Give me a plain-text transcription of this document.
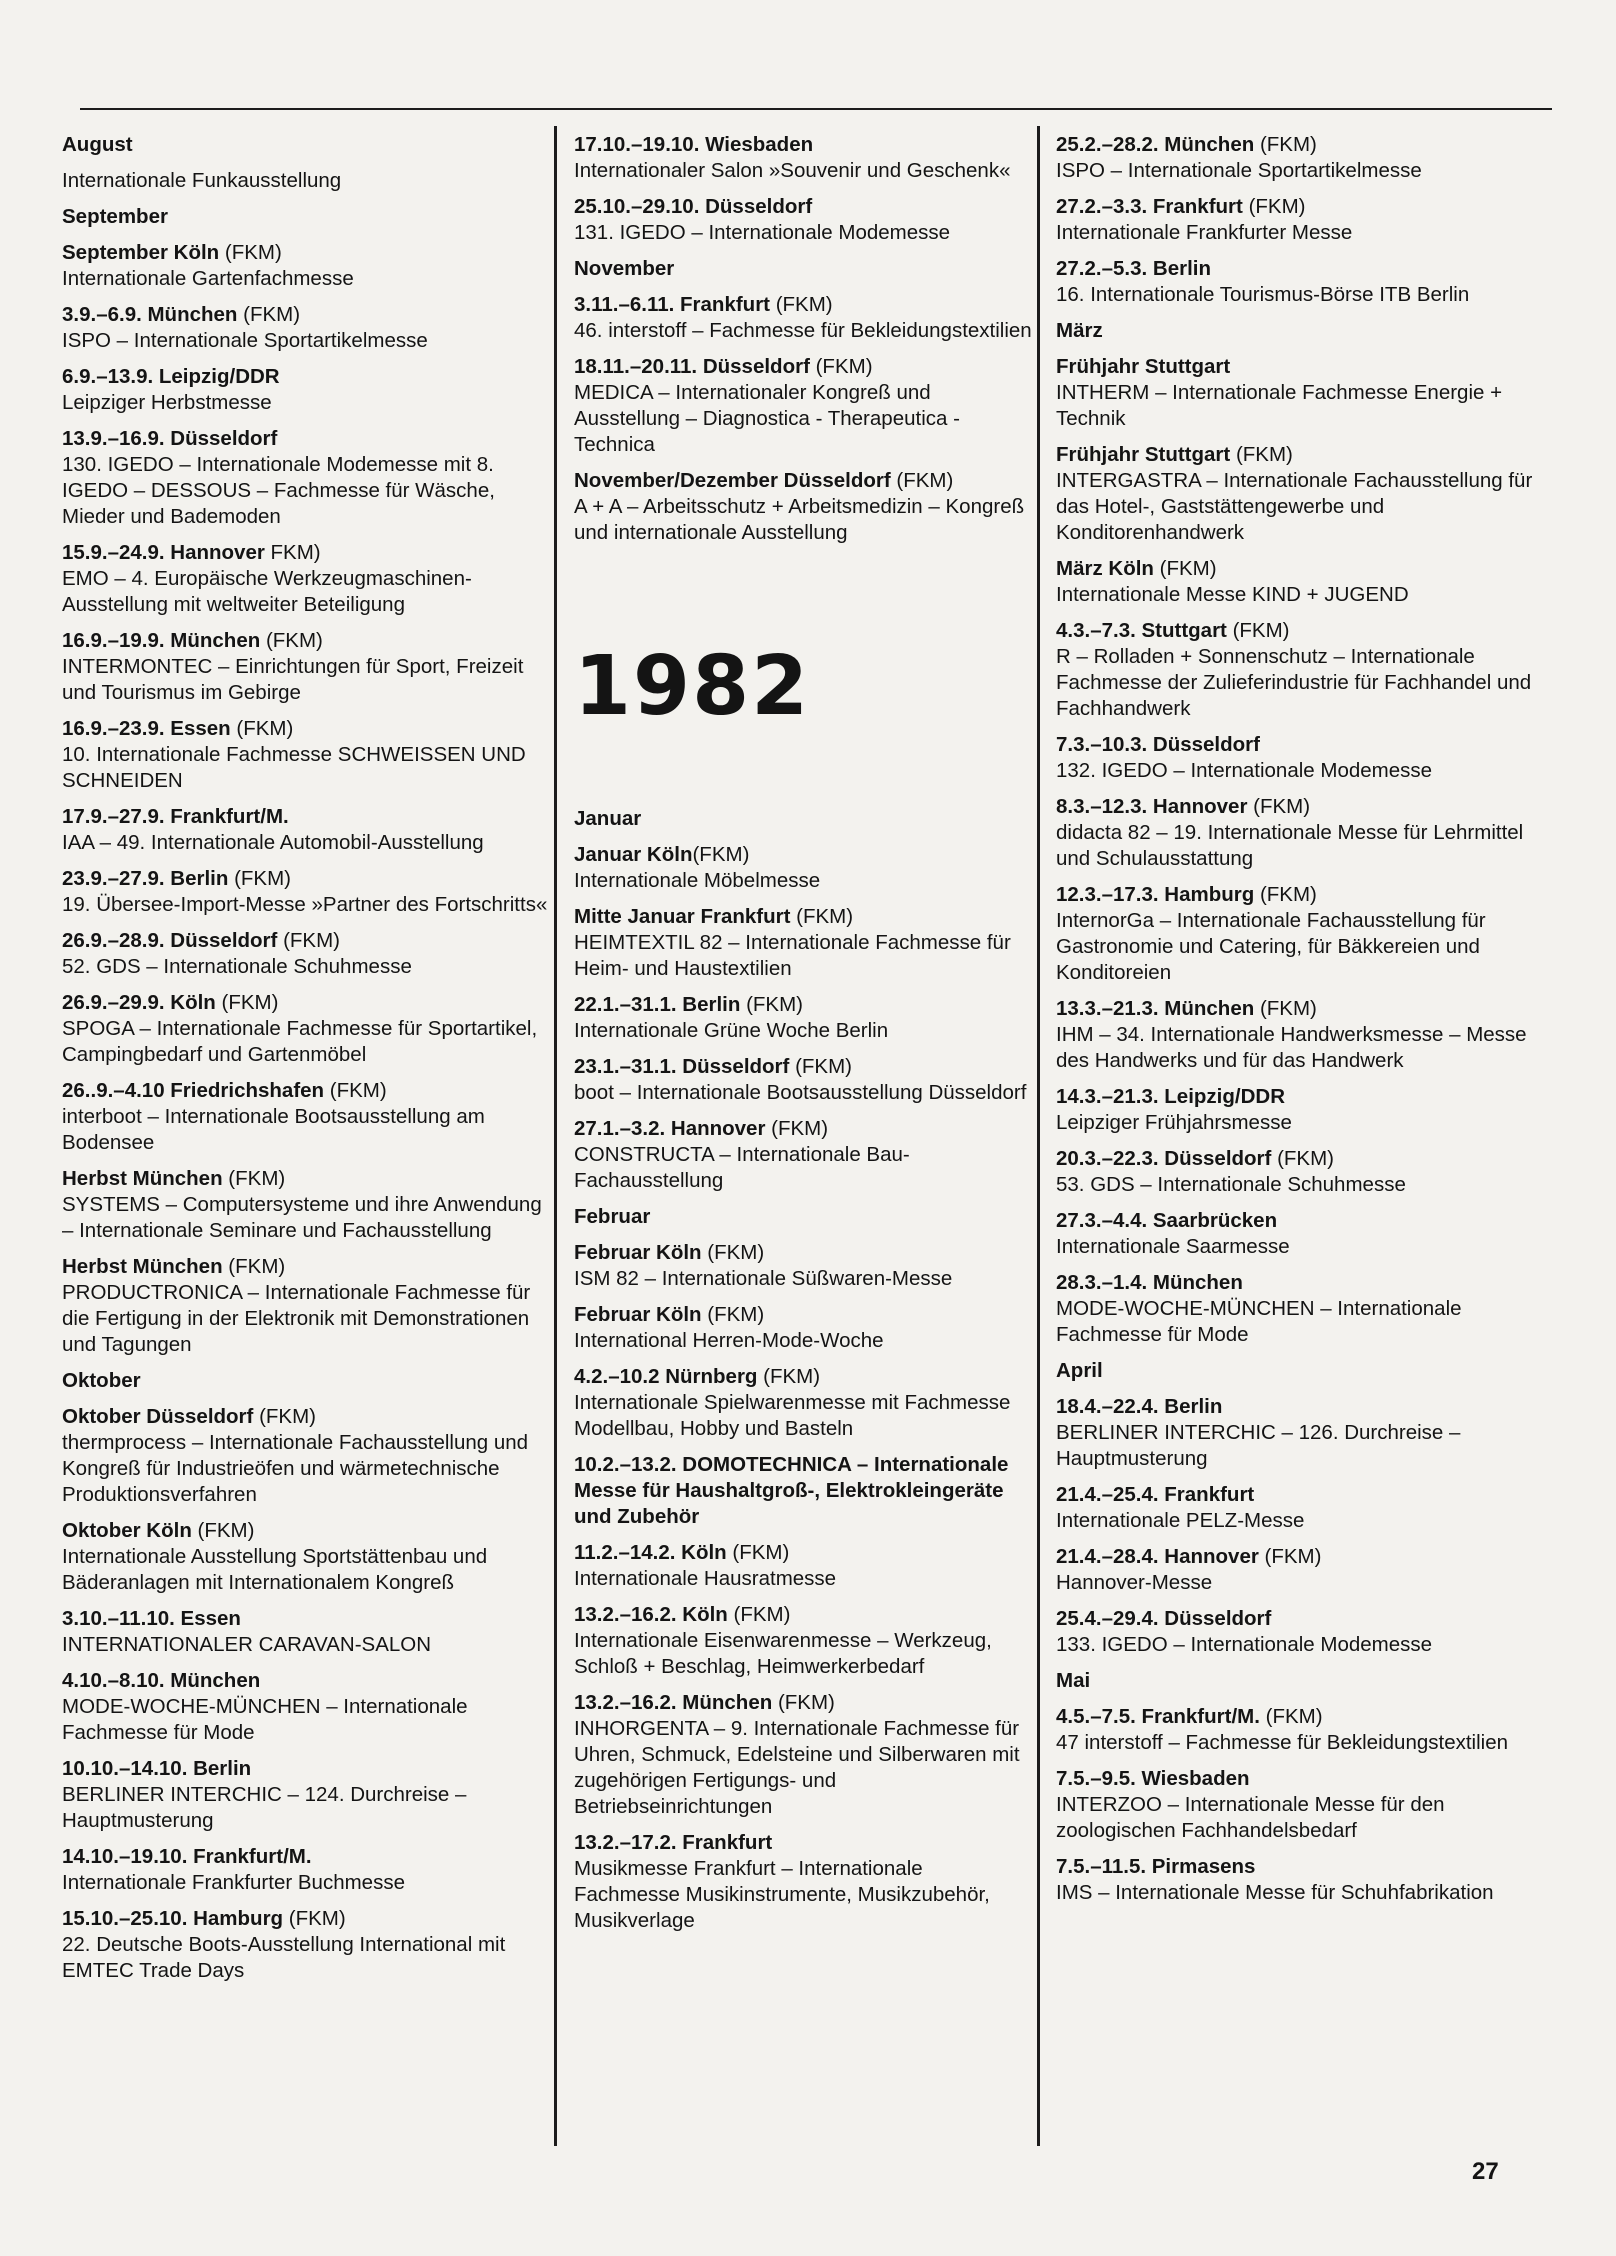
August
Internationale Funkausstellung
September
September Köln (FKM)
Internationale Gartenfachmesse
3.9.–6.9. München (FKM)
ISPO – Internationale Sportartikelmesse
6.9.–13.9. Leipzig/DDR
Leipziger Herbstmesse
13.9.–16.9. Düsseldorf
130. IGEDO – Internationale Modemesse mit 8. IGEDO – DESSOUS – Fachmesse für Wäsche, Mieder und Bademoden
15.9.–24.9. Hannover FKM)
EMO – 4. Europäische Werkzeugmaschinen-Ausstellung mit weltweiter Beteiligung
16.9.–19.9. München (FKM)
INTERMONTEC – Einrichtungen für Sport, Freizeit und Tourismus im Gebirge
16.9.–23.9. Essen (FKM)
10. Internationale Fachmesse SCHWEISSEN UND SCHNEIDEN
17.9.–27.9. Frankfurt/M.
IAA – 49. Internationale Automobil-Ausstellung
23.9.–27.9. Berlin (FKM)
19. Übersee-Import-Messe »Partner des Fortschritts«
26.9.–28.9. Düsseldorf (FKM)
52. GDS – Internationale Schuhmesse
26.9.–29.9. Köln (FKM)
SPOGA – Internationale Fachmesse für Sportartikel, Campingbedarf und Gartenmöbel
26..9.–4.10 Friedrichshafen (FKM)
interboot – Internationale Bootsausstellung am Bodensee
Herbst München (FKM)
SYSTEMS – Computersysteme und ihre Anwendung – Internationale Seminare und Fachausstellung
Herbst München (FKM)
PRODUCTRONICA – Internationale Fachmesse für die Fertigung in der Elektronik mit Demonstrationen und Tagungen
Oktober
Oktober Düsseldorf (FKM)
thermprocess – Internationale Fachausstellung und Kongreß für Industrieöfen und wärmetechnische Produktionsverfahren
Oktober Köln (FKM)
Internationale Ausstellung Sportstättenbau und Bäderanlagen mit Internationalem Kongreß
3.10.–11.10. Essen
INTERNATIONALER CARAVAN-SALON
4.10.–8.10. München
MODE-WOCHE-MÜNCHEN – Internationale Fachmesse für Mode
10.10.–14.10. Berlin
BERLINER INTERCHIC – 124. Durchreise – Hauptmusterung
14.10.–19.10. Frankfurt/M.
Internationale Frankfurter Buchmesse
15.10.–25.10. Hamburg (FKM)
22. Deutsche Boots-Ausstellung International mit EMTEC Trade Days
17.10.–19.10. Wiesbaden
Internationaler Salon »Souvenir und Geschenk«
25.10.–29.10. Düsseldorf
131. IGEDO – Internationale Modemesse
November
3.11.–6.11. Frankfurt (FKM)
46. interstoff – Fachmesse für Bekleidungstextilien
18.11.–20.11. Düsseldorf (FKM)
MEDICA – Internationaler Kongreß und Ausstellung – Diagnostica - Therapeutica - Technica
November/Dezember Düsseldorf (FKM)
A + A – Arbeitsschutz + Arbeitsmedizin – Kongreß und internationale Ausstellung
1982
Januar
Januar Köln(FKM)
Internationale Möbelmesse
Mitte Januar Frankfurt (FKM)
HEIMTEXTIL 82 – Internationale Fachmesse für Heim- und Haustextilien
22.1.–31.1. Berlin (FKM)
Internationale Grüne Woche Berlin
23.1.–31.1. Düsseldorf (FKM)
boot – Internationale Bootsausstellung Düsseldorf
27.1.–3.2. Hannover (FKM)
CONSTRUCTA – Internationale Bau-Fachausstellung
Februar
Februar Köln (FKM)
ISM 82 – Internationale Süßwaren-Messe
Februar Köln (FKM)
International Herren-Mode-Woche
4.2.–10.2 Nürnberg (FKM)
Internationale Spielwarenmesse mit Fachmesse Modellbau, Hobby und Basteln
10.2.–13.2. DOMOTECHNICA – Internationale Messe für Haushaltgroß-, Elektrokleingeräte und Zubehör
11.2.–14.2. Köln (FKM)
Internationale Hausratmesse
13.2.–16.2. Köln (FKM)
Internationale Eisenwarenmesse – Werkzeug, Schloß + Beschlag, Heimwerkerbedarf
13.2.–16.2. München (FKM)
INHORGENTA – 9. Internationale Fachmesse für Uhren, Schmuck, Edelsteine und Silberwaren mit zugehörigen Fertigungs- und Betriebseinrichtungen
13.2.–17.2. Frankfurt
Musikmesse Frankfurt – Internationale Fachmesse Musikinstrumente, Musikzubehör, Musikverlage
25.2.–28.2. München (FKM)
ISPO – Internationale Sportartikelmesse
27.2.–3.3. Frankfurt (FKM)
Internationale Frankfurter Messe
27.2.–5.3. Berlin
16. Internationale Tourismus-Börse ITB Berlin
März
Frühjahr Stuttgart
INTHERM – Internationale Fachmesse Energie + Technik
Frühjahr Stuttgart (FKM)
INTERGASTRA – Internationale Fachausstellung für das Hotel-, Gaststättengewerbe und Konditorenhandwerk
März Köln (FKM)
Internationale Messe KIND + JUGEND
4.3.–7.3. Stuttgart (FKM)
R – Rolladen + Sonnenschutz – Internationale Fachmesse der Zulieferindustrie für Fachhandel und Fachhandwerk
7.3.–10.3. Düsseldorf
132. IGEDO – Internationale Modemesse
8.3.–12.3. Hannover (FKM)
didacta 82 – 19. Internationale Messe für Lehrmittel und Schulausstattung
12.3.–17.3. Hamburg (FKM)
InternorGa – Internationale Fachausstellung für Gastronomie und Catering, für Bäkkereien und Konditoreien
13.3.–21.3. München (FKM)
IHM – 34. Internationale Handwerksmesse – Messe des Handwerks und für das Handwerk
14.3.–21.3. Leipzig/DDR
Leipziger Frühjahrsmesse
20.3.–22.3. Düsseldorf (FKM)
53. GDS – Internationale Schuhmesse
27.3.–4.4. Saarbrücken
Internationale Saarmesse
28.3.–1.4. München
MODE-WOCHE-MÜNCHEN – Internationale Fachmesse für Mode
April
18.4.–22.4. Berlin
BERLINER INTERCHIC – 126. Durchreise – Hauptmusterung
21.4.–25.4. Frankfurt
Internationale PELZ-Messe
21.4.–28.4. Hannover (FKM)
Hannover-Messe
25.4.–29.4. Düsseldorf
133. IGEDO – Internationale Modemesse
Mai
4.5.–7.5. Frankfurt/M. (FKM)
47 interstoff – Fachmesse für Bekleidungstextilien
7.5.–9.5. Wiesbaden
INTERZOO – Internationale Messe für den zoologischen Fachhandelsbedarf
7.5.–11.5. Pirmasens
IMS – Internationale Messe für Schuhfabrikation
27
